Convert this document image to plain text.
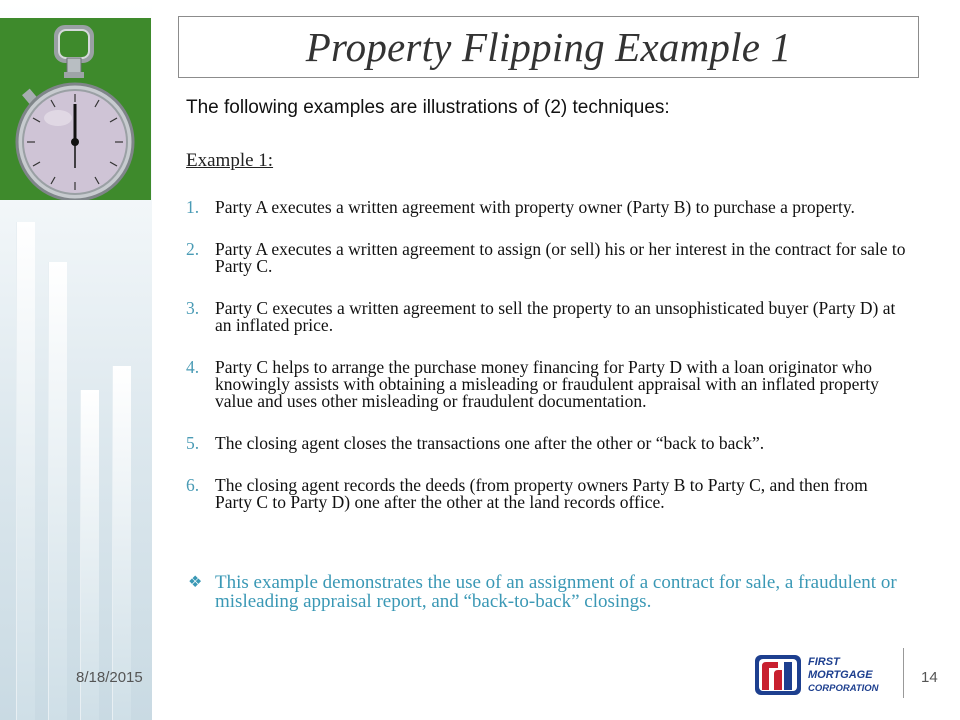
Property Flipping Example 1
The following examples are illustrations of (2) techniques:
Example 1:
1. Party A executes a written agreement with property owner (Party B) to purchase a property.
2. Party A executes a written agreement to assign (or sell) his or her interest in the contract for sale to Party C.
3. Party C executes a written agreement to sell the property to an unsophisticated buyer (Party D) at an inflated price.
4. Party C helps to arrange the purchase money financing for Party D with a loan originator who knowingly assists with obtaining a misleading or fraudulent appraisal with an inflated property value and uses other misleading or fraudulent documentation.
5. The closing agent closes the transactions one after the other or “back to back”.
6. The closing agent records the deeds (from property owners Party B to Party C, and then from Party C to Party D) one after the other at the land records office.
❖ This example demonstrates the use of an assignment of a contract for sale, a fraudulent or misleading appraisal report, and “back-to-back” closings.
8/18/2015
FIRST
MORTGAGE
CORPORATION
14
